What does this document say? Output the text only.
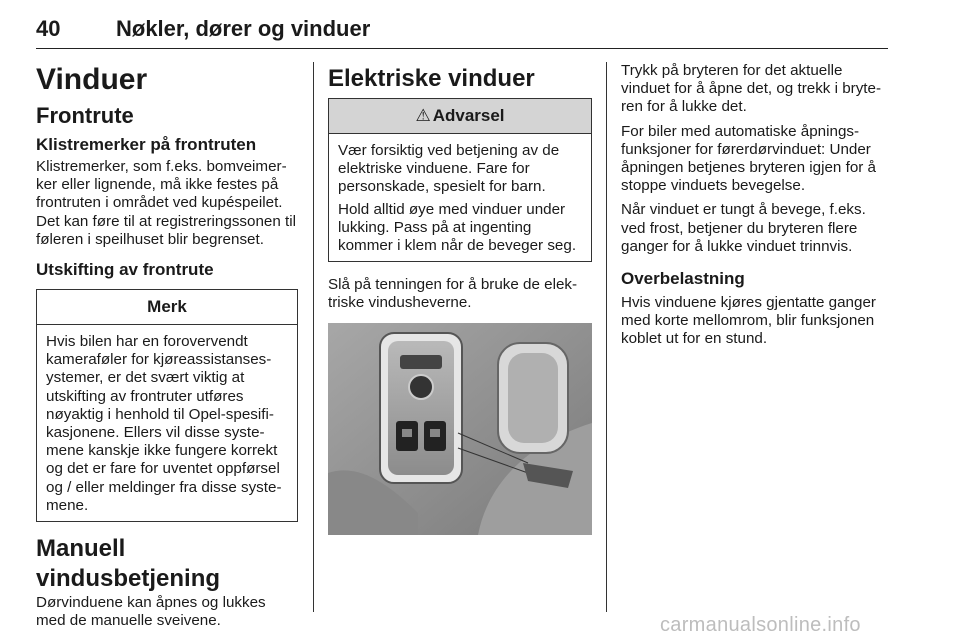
40	Nøkler, dører og vinduer
Vinduer
Frontrute
Klistremerker på frontruten

Klistremerker, som f.eks. bomveimer-ker eller lignende, må ikke festes på frontruten i området ved kupéspeilet. Det kan føre til at registreringssonen til føleren i speilhuset blir begrenset.

Utskifting av frontrute
Merk

Hvis bilen har en forovervendt kameraføler for kjøreassistanses-ystemer, er det svært viktig at utskifting av frontruter utføres nøyaktig i henhold til Opel-spesifi-kasjonene. Ellers vil disse syste-mene kanskje ikke fungere korrekt og det er fare for uventet oppførsel og / eller meldinger fra disse syste-mene.

Manuell vindusbetjening

Dørvinduene kan åpnes og lukkes med de manuelle sveivene.

Elektriske vinduer
⚠ Advarsel

Vær forsiktig ved betjening av de elektriske vinduene. Fare for personskade, spesielt for barn.

Hold alltid øye med vinduer under lukking. Pass på at ingenting kommer i klem når de beveger seg.

Slå på tenningen for å bruke de elek-triske vindusheverne.

Trykk på bryteren for det aktuelle vinduet for å åpne det, og trekk i bryte-ren for å lukke det.

For biler med automatiske åpnings-funksjoner for førerdørvinduet: Under åpningen betjenes bryteren igjen for å stoppe vinduets bevegelse.

Når vinduet er tungt å bevege, f.eks. ved frost, betjener du bryteren flere ganger for å lukke vinduet trinnvis.

Overbelastning

Hvis vinduene kjøres gjentatte ganger med korte mellomrom, blir funksjonen koblet ut for en stund.

carmanualsonline.info
